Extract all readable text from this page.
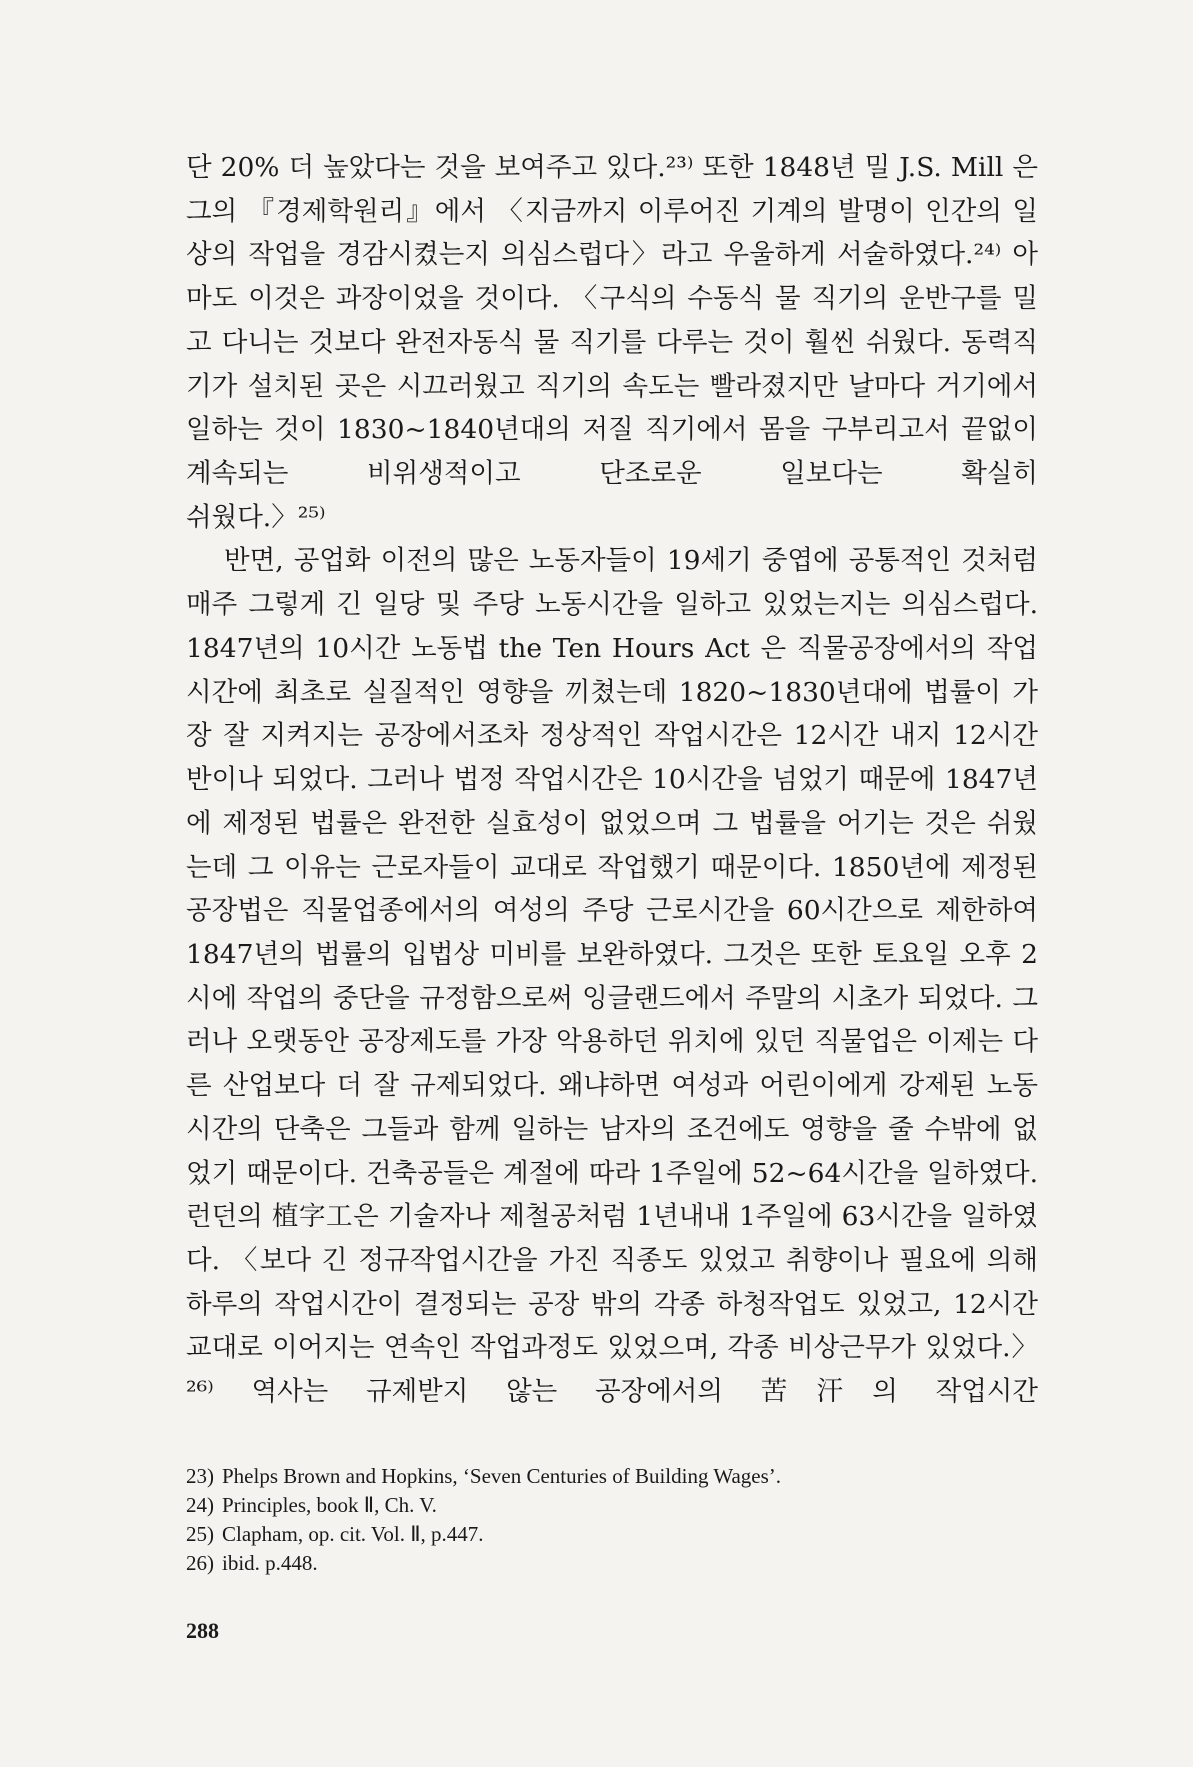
단 20% 더 높았다는 것을 보여주고 있다.²³⁾ 또한 1848년 밀 J.S. Mill 은 그의 『경제학원리』에서 〈지금까지 이루어진 기계의 발명이 인간의 일상의 작업을 경감시켰는지 의심스럽다〉라고 우울하게 서술하였다.²⁴⁾ 아마도 이것은 과장이었을 것이다. 〈구식의 수동식 물 직기의 운반구를 밀고 다니는 것보다 완전자동식 물 직기를 다루는 것이 훨씬 쉬웠다. 동력직기가 설치된 곳은 시끄러웠고 직기의 속도는 빨라졌지만 날마다 거기에서 일하는 것이 1830~1840년대의 저질 직기에서 몸을 구부리고서 끝없이 계속되는 비위생적이고 단조로운 일보다는 확실히
쉬웠다.〉²⁵⁾

반면, 공업화 이전의 많은 노동자들이 19세기 중엽에 공통적인 것처럼 매주 그렇게 긴 일당 및 주당 노동시간을 일하고 있었는지는 의심스럽다. 1847년의 10시간 노동법 the Ten Hours Act 은 직물공장에서의 작업시간에 최초로 실질적인 영향을 끼쳤는데 1820~1830년대에 법률이 가장 잘 지켜지는 공장에서조차 정상적인 작업시간은 12시간 내지 12시간 반이나 되었다. 그러나 법정 작업시간은 10시간을 넘었기 때문에 1847년에 제정된 법률은 완전한 실효성이 없었으며 그 법률을 어기는 것은 쉬웠는데 그 이유는 근로자들이 교대로 작업했기 때문이다. 1850년에 제정된 공장법은 직물업종에서의 여성의 주당 근로시간을 60시간으로 제한하여 1847년의 법률의 입법상 미비를 보완하였다. 그것은 또한 토요일 오후 2시에 작업의 중단을 규정함으로써 잉글랜드에서 주말의 시초가 되었다. 그러나 오랫동안 공장제도를 가장 악용하던 위치에 있던 직물업은 이제는 다른 산업보다 더 잘 규제되었다. 왜냐하면 여성과 어린이에게 강제된 노동시간의 단축은 그들과 함께 일하는 남자의 조건에도 영향을 줄 수밖에 없었기 때문이다. 건축공들은 계절에 따라 1주일에 52~64시간을 일하였다. 런던의 植字工은 기술자나 제철공처럼 1년내내 1주일에 63시간을 일하였다. 〈보다 긴 정규작업시간을 가진 직종도 있었고 취향이나 필요에 의해 하루의 작업시간이 결정되는 공장 밖의 각종 하청작업도 있었고, 12시간 교대로 이어지는 연속인 작업과정도 있었으며, 각종 비상근무가 있었다.〉²⁶⁾ 역사는 규제받지 않는 공장에서의 苦汗의 작업시간

23) Phelps Brown and Hopkins, ‘Seven Centuries of Building Wages’.
24) Principles, book Ⅱ, Ch. V.
25) Clapham, op. cit. Vol. Ⅱ, p.447.
26) ibid. p.448.
288
